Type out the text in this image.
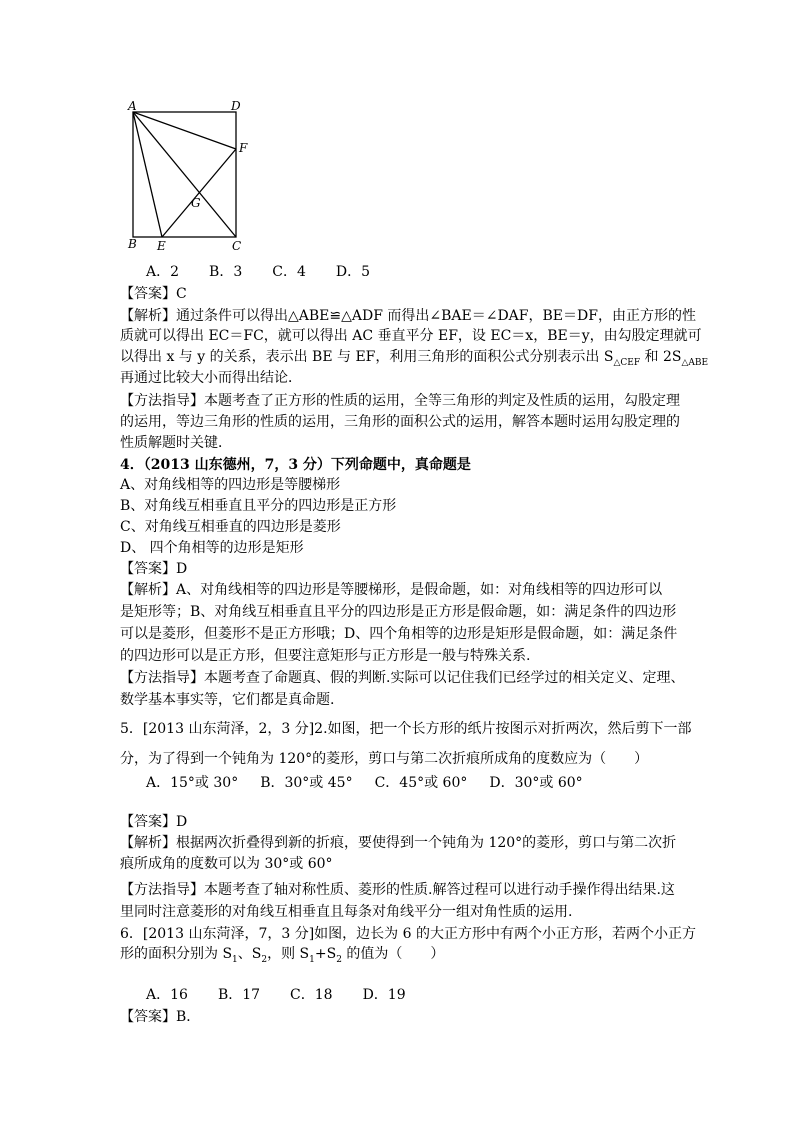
A	D
F
G
B E	C
A．2 B．3 C．4 D．5
【答案】C
【解析】通过条件可以得出△ABE≌△ADF 而得出∠BAE＝∠DAF，BE＝DF，由正方形的性
质就可以得出 EC＝FC，就可以得出 AC 垂直平分 EF，设 EC＝x，BE＝y，由勾股定理就可
以得出 x 与 y 的关系，表示出 BE 与 EF，利用三角形的面积公式分别表示出 $S_{\triangle CEF}$ 和 $2S_{\triangle ABE}$
再通过比较大小而得出结论．
【方法指导】本题考查了正方形的性质的运用，全等三角形的判定及性质的运用，勾股定理
的运用，等边三角形的性质的运用，三角形的面积公式的运用，解答本题时运用勾股定理的
性质解题时关键．
4．（2013 山东德州，7，3 分）下列命题中，真命题是
A、对角线相等的四边形是等腰梯形
B、对角线互相垂直且平分的四边形是正方形
C、对角线互相垂直的四边形是菱形
D、 四个角相等的边形是矩形
【答案】D
【解析】A、对角线相等的四边形是等腰梯形，是假命题，如：对角线相等的四边形可以
是矩形等；B、对角线互相垂直且平分的四边形是正方形是假命题，如：满足条件的四边形
可以是菱形，但菱形不是正方形哦；D、四个角相等的边形是矩形是假命题，如：满足条件
的四边形可以是正方形，但要注意矩形与正方形是一般与特殊关系.
【方法指导】本题考查了命题真、假的判断.实际可以记住我们已经学过的相关定义、定理、
数学基本事实等，它们都是真命题.
5．[2013 山东菏泽，2，3 分]2.如图，把一个长方形的纸片按图示对折两次，然后剪下一部
分，为了得到一个钝角为 120°的菱形，剪口与第二次折痕所成角的度数应为（　　）
A．15°或 30° B．30°或 45° C．45°或 60° D．30°或 60°
【答案】D
【解析】根据两次折叠得到新的折痕，要使得到一个钝角为 120°的菱形，剪口与第二次折
痕所成角的度数可以为 30°或 60°
【方法指导】本题考查了轴对称性质、菱形的性质.解答过程可以进行动手操作得出结果.这
里同时注意菱形的对角线互相垂直且每条对角线平分一组对角性质的运用.
6．[2013 山东菏泽，7，3 分]如图，边长为 6 的大正方形中有两个小正方形，若两个小正方
形的面积分别为 $S_1$、$S_2$，则 $S_1+S_2$ 的值为（　　）
A．16 B．17 C．18 D．19
【答案】B．
